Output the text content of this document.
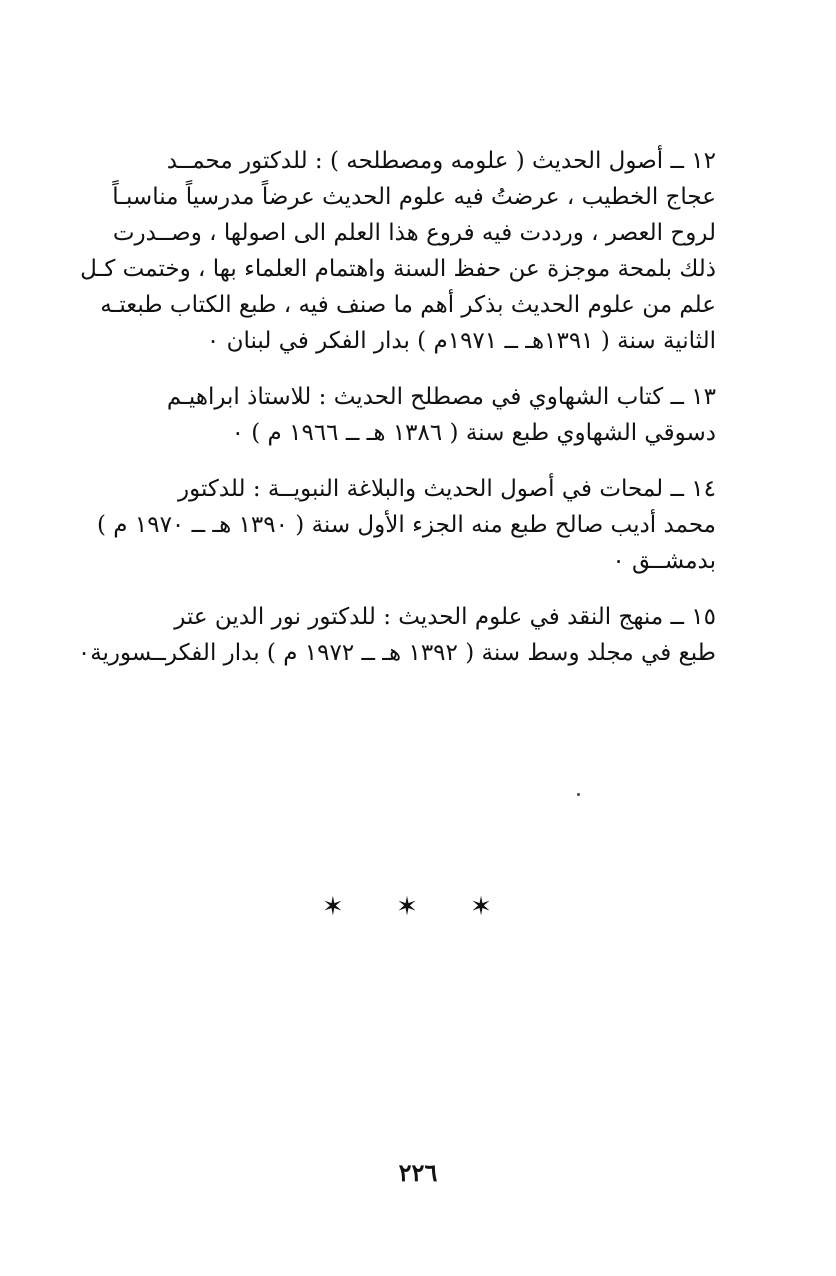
١٢ ــ أصول الحديث ( علومه ومصطلحه ) : للدكتور محمــد
عجاج الخطيب ، عرضتُ فيه علوم الحديث عرضاً مدرسياً مناسبـاً
لروح العصر ، ورددت فيه فروع هذا العلم الى اصولها ، وصــدرت
ذلك بلمحة موجزة عن حفظ السنة واهتمام العلماء بها ، وختمت كـل
علم من علوم الحديث بذكر أهم ما صنف فيه ، طبع الكتاب طبعتـه
الثانية سنة ( ١٣٩١هـ ــ ١٩٧١م ) بدار الفكر في لبنان ٠
١٣ ــ كتاب الشهاوي في مصطلح الحديث : للاستاذ ابراهيـم
دسوقي الشهاوي طبع سنة ( ١٣٨٦ هـ ــ ١٩٦٦ م ) ٠
١٤ ــ لمحات في أصول الحديث والبلاغة النبويــة : للدكتور
محمد أديب صالح طبع منه الجزء الأول سنة ( ١٣٩٠ هـ ــ ١٩٧٠ م )
بدمشــق ٠
١٥ ــ منهج النقد في علوم الحديث : للدكتور نور الدين عتر
طبع في مجلد وسط سنة ( ١٣٩٢ هـ ــ ١٩٧٢ م ) بدار الفكرــسورية٠
✶ ✶ ✶
٢٢٦
